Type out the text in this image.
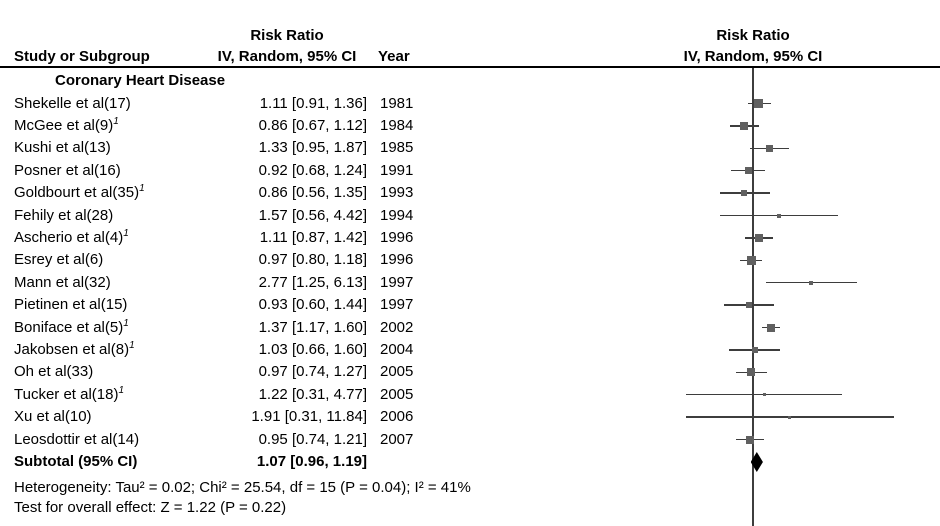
Risk Ratio
Study or Subgroup	IV, Random, 95% CI	Year
Risk Ratio
IV, Random, 95% CI
Coronary Heart Disease
Shekelle et al(17)	1.11 [0.91, 1.36] 1981
McGee et $al(9)^1$	0.86 [0.67, 1.12] 1984
Kushi et al(13)	1.33 [0.95, 1.87] 1985
Posner et al(16)	0.92 [0.68, 1.24] 1991
Goldbourt et $al(35)^1$	0.86 [0.56, 1.35] 1993
Fehily et al(28)	1.57 [0.56, 4.42] 1994
Ascherio et $al(4)^1$	1.11 [0.87, 1.42] 1996
Esrey et al(6)	0.97 [0.80, 1.18] 1996
Mann et al(32)	2.77 [1.25, 6.13] 1997
Pietinen et al(15)	0.93 [0.60, 1.44] 1997
Boniface et $al(5)^1$	1.37 [1.17, 1.60] 2002
Jakobsen et $al(8)^1$	1.03 [0.66, 1.60] 2004
Oh et al(33)	0.97 [0.74, 1.27] 2005
Tucker et $al(18)^1$	1.22 [0.31, 4.77] 2005
Xu et al(10)	1.91 [0.31, 11.84] 2006
Leosdottir et al(14)	0.95 [0.74, 1.21] 2007
Subtotal (95% CI)	1.07 [0.96, 1.19]
Heterogeneity: Tau² = 0.02; Chi² = 25.54, df = 15 (P = 0.04); I² = 41%
Test for overall effect: Z = 1.22 (P = 0.22)
